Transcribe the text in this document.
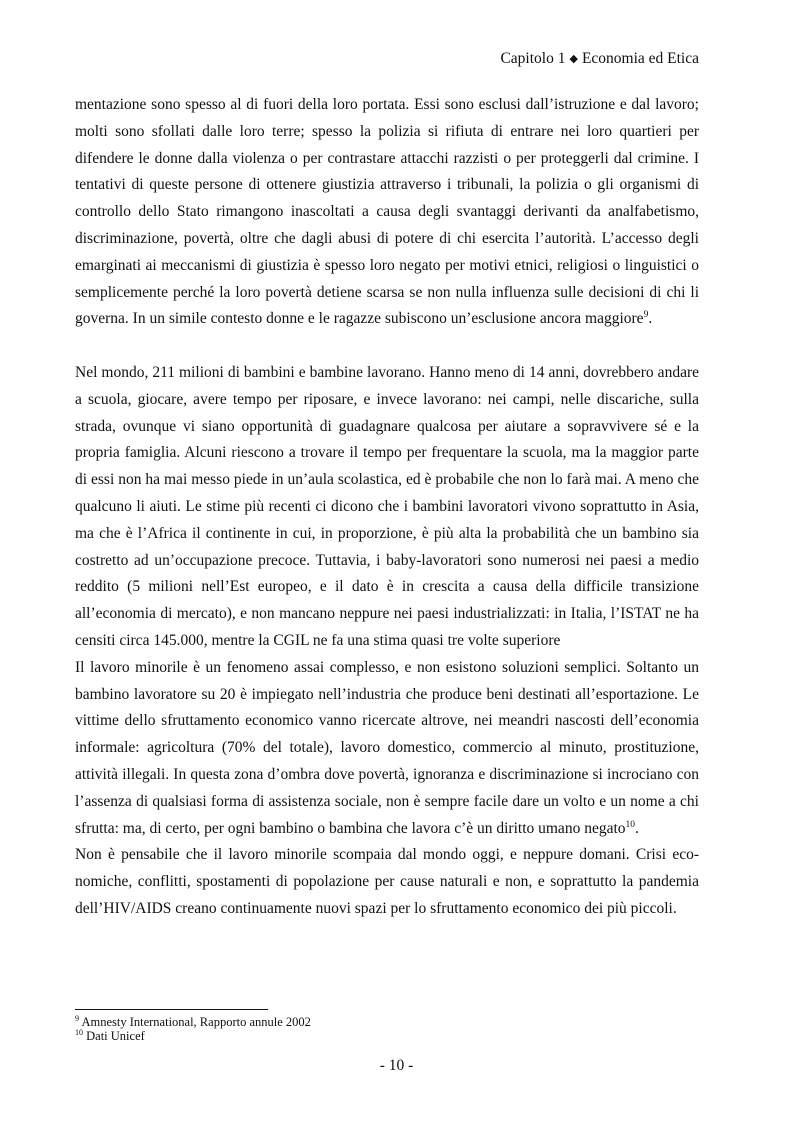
Capitolo 1 ◆ Economia ed Etica

mentazione sono spesso al di fuori della loro portata. Essi sono esclusi dall’istruzione e dal lavoro; molti sono sfollati dalle loro terre; spesso la polizia si rifiuta di entrare nei loro quartieri per difendere le donne dalla violenza o per contrastare attacchi razzisti o per proteggerli dal crimine. I tentativi di queste persone di ottenere giustizia attraverso i tribunali, la polizia o gli organismi di controllo dello Stato rimangono inascoltati a causa degli svantaggi derivanti da analfabetismo, discriminazione, povertà, oltre che dagli abusi di potere di chi esercita l’autorità. L’accesso degli emarginati ai meccanismi di giustizia è spesso loro negato per motivi etnici, religiosi o linguistici o semplicemente perché la loro povertà detiene scarsa se non nulla influenza sulle decisioni di chi li governa. In un simile contesto donne e le ragazze subiscono un’esclusione ancora maggiore$^9$.

Nel mondo, 211 milioni di bambini e bambine lavorano. Hanno meno di 14 anni, dovrebbero andare a scuola, giocare, avere tempo per riposare, e invece lavorano: nei campi, nelle discariche, sulla strada, ovunque vi siano opportunità di guadagnare qualcosa per aiutare a sopravvivere sé e la propria famiglia. Alcuni riescono a trovare il tempo per frequentare la scuola, ma la maggior parte di essi non ha mai messo piede in un’aula scolastica, ed è probabile che non lo farà mai. A meno che qualcuno li aiuti. Le stime più recenti ci dicono che i bambini lavoratori vivono soprattutto in Asia, ma che è l’Africa il continente in cui, in proporzione, è più alta la probabilità che un bambino sia costretto ad un’occupazione precoce. Tuttavia, i baby-lavoratori sono numerosi nei paesi a medio reddito (5 milioni nell’Est europeo, e il dato è in crescita a causa della difficile transizione all’economia di mercato), e non mancano neppure nei paesi industrializzati: in Italia, l’ISTAT ne ha censiti circa 145.000, mentre la CGIL ne fa una stima quasi tre volte superiore

Il lavoro minorile è un fenomeno assai complesso, e non esistono soluzioni semplici. Soltanto un bambino lavoratore su 20 è impiegato nell’industria che produce beni destinati all’esportazione. Le vittime dello sfruttamento economico vanno ricercate altrove, nei meandri nascosti dell’economia informale: agricoltura (70% del totale), lavoro domestico, commercio al minuto, prostituzione, attività illegali. In questa zona d’ombra dove povertà, ignoranza e discriminazione si incrociano con l’assenza di qualsiasi forma di assistenza sociale, non è sempre facile dare un volto e un nome a chi sfrutta: ma, di certo, per ogni bambino o bambina che lavora c’è un diritto umano negato$^{10}$.

Non è pensabile che il lavoro minorile scompaia dal mondo oggi, e neppure domani. Crisi economiche, conflitti, spostamenti di popolazione per cause naturali e non, e soprattutto la pandemia dell’HIV/AIDS creano continuamente nuovi spazi per lo sfruttamento economico dei più piccoli.

$^9$ Amnesty International, Rapporto annule 2002

$^{10}$ Dati Unicef

- 10 -
